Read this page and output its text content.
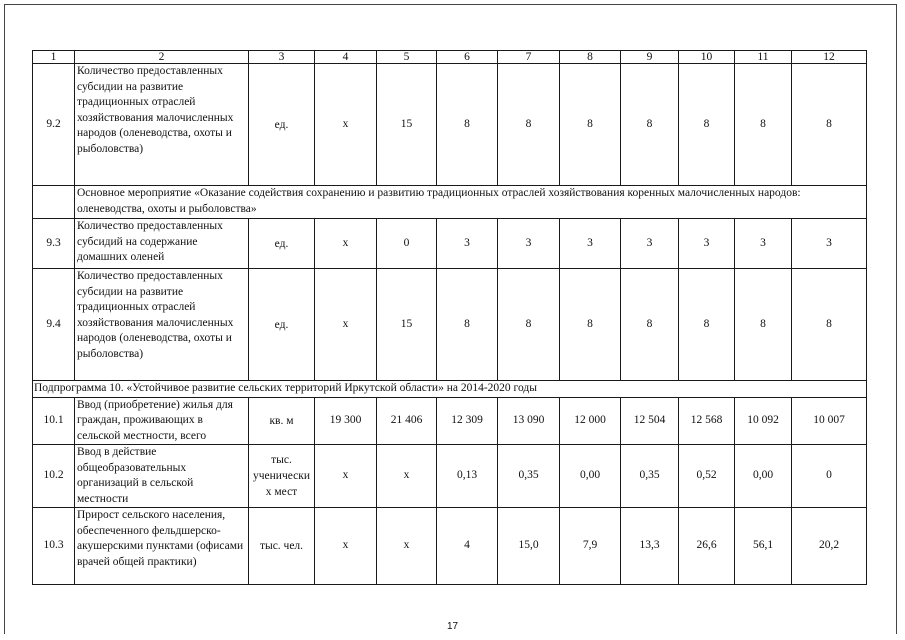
1	2	3	4	5	6	7	8	9	10	11	12
9.2	Количество предоставленных субсидии на развитие традиционных отраслей хозяйствования малочисленных народов (оленеводства, охоты и рыболовства)	ед.	х	15	8	8	8	8	8	8	8
	Основное мероприятие «Оказание содействия сохранению и развитию традиционных отраслей хозяйствования коренных малочисленных народов: оленеводства, охоты и рыболовства»										
9.3	Количество предоставленных субсидий на содержание домашних оленей	ед.	х	0	3	3	3	3	3	3	3
9.4	Количество предоставленных субсидии на развитие традиционных отраслей хозяйствования малочисленных народов (оленеводства, охоты и рыболовства)	ед.	х	15	8	8	8	8	8	8	8
Подпрограмма 10. «Устойчивое развитие сельских территорий Иркутской области» на 2014-2020 годы											
10.1	Ввод (приобретение) жилья для граждан, проживающих в сельской местности, всего	кв. м	19 300	21 406	12 309	13 090	12 000	12 504	12 568	10 092	10 007
10.2	Ввод в действие общеобразовательных организаций в сельской местности	тыс. ученически х мест	х	х	0,13	0,35	0,00	0,35	0,52	0,00	0
10.3	Прирост сельского населения, обеспеченного фельдшерско-акушерскими пунктами (офисами врачей общей практики)	тыс. чел.	х	х	4	15,0	7,9	13,3	26,6	56,1	20,2
17
